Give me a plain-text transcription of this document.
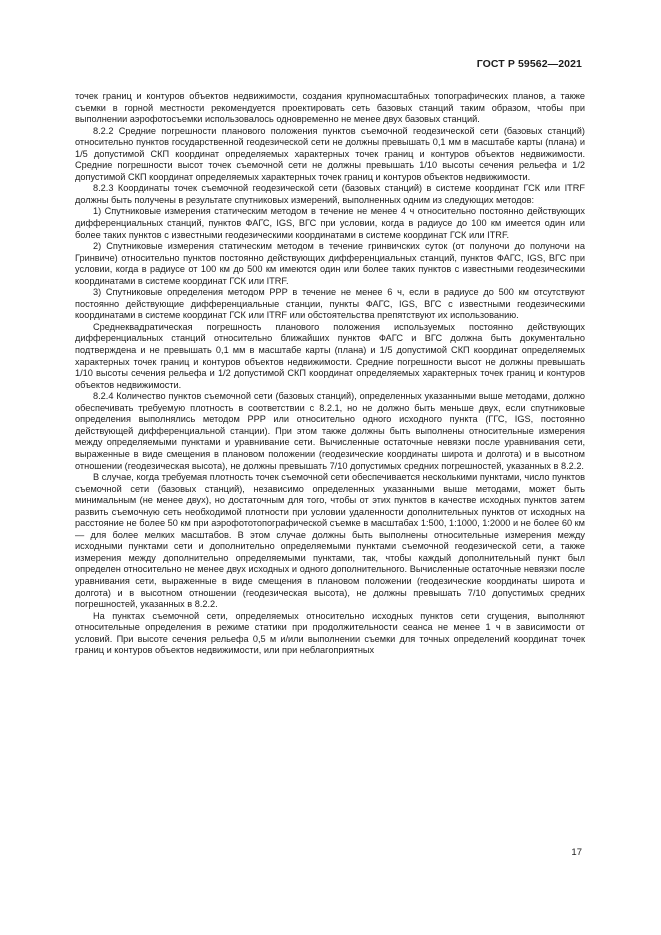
ГОСТ Р 59562—2021

точек границ и контуров объектов недвижимости, создания крупномасштабных топографических планов, а также съемки в горной местности рекомендуется проектировать сеть базовых станций таким образом, чтобы при выполнении аэрофотосъемки использовалось одновременно не менее двух базовых станций.

8.2.2 Средние погрешности планового положения пунктов съемочной геодезической сети (базовых станций) относительно пунктов государственной геодезической сети не должны превышать 0,1 мм в масштабе карты (плана) и 1/5 допустимой СКП координат определяемых характерных точек границ и контуров объектов недвижимости. Средние погрешности высот точек съемочной сети не должны превышать 1/10 высоты сечения рельефа и 1/2 допустимой СКП координат определяемых характерных точек границ и контуров объектов недвижимости.

8.2.3 Координаты точек съемочной геодезической сети (базовых станций) в системе координат ГСК или ITRF должны быть получены в результате спутниковых измерений, выполненных одним из следующих методов:

1) Спутниковые измерения статическим методом в течение не менее 4 ч относительно постоянно действующих дифференциальных станций, пунктов ФАГС, IGS, ВГС при условии, когда в радиусе до 100 км имеется один или более таких пунктов с известными геодезическими координатами в системе координат ГСК или ITRF.

2) Спутниковые измерения статическим методом в течение гринвичских суток (от полуночи до полуночи на Гринвиче) относительно пунктов постоянно действующих дифференциальных станций, пунктов ФАГС, IGS, ВГС при условии, когда в радиусе от 100 км до 500 км имеются один или более таких пунктов с известными геодезическими координатами в системе координат ГСК или ITRF.

3) Спутниковые определения методом PPP в течение не менее 6 ч, если в радиусе до 500 км отсутствуют постоянно действующие дифференциальные станции, пункты ФАГС, IGS, ВГС с известными геодезическими координатами в системе координат ГСК или ITRF или обстоятельства препятствуют их использованию.

Среднеквадратическая погрешность планового положения используемых постоянно действующих дифференциальных станций относительно ближайших пунктов ФАГС и ВГС должна быть документально подтверждена и не превышать 0,1 мм в масштабе карты (плана) и 1/5 допустимой СКП координат определяемых характерных точек границ и контуров объектов недвижимости. Средние погрешности высот не должны превышать 1/10 высоты сечения рельефа и 1/2 допустимой СКП координат определяемых характерных точек границ и контуров объектов недвижимости.

8.2.4 Количество пунктов съемочной сети (базовых станций), определенных указанными выше методами, должно обеспечивать требуемую плотность в соответствии с 8.2.1, но не должно быть меньше двух, если спутниковые определения выполнялись методом PPP или относительно одного исходного пункта (ГГС, IGS, постоянно действующей дифференциальной станции). При этом также должны быть выполнены относительные измерения между определяемыми пунктами и уравнивание сети. Вычисленные остаточные невязки после уравнивания сети, выраженные в виде смещения в плановом положении (геодезические координаты широта и долгота) и в высотном отношении (геодезическая высота), не должны превышать 7/10 допустимых средних погрешностей, указанных в 8.2.2.

В случае, когда требуемая плотность точек съемочной сети обеспечивается несколькими пунктами, число пунктов съемочной сети (базовых станций), независимо определенных указанными выше методами, может быть минимальным (не менее двух), но достаточным для того, чтобы от этих пунктов в качестве исходных пунктов затем развить съемочную сеть необходимой плотности при условии удаленности дополнительных пунктов от исходных на расстояние не более 50 км при аэрофототопографической съемке в масштабах 1:500, 1:1000, 1:2000 и не более 60 км — для более мелких масштабов. В этом случае должны быть выполнены относительные измерения между исходными пунктами сети и дополнительно определяемыми пунктами съемочной геодезической сети, а также измерения между дополнительно определяемыми пунктами, так, чтобы каждый дополнительный пункт был определен относительно не менее двух исходных и одного дополнительного. Вычисленные остаточные невязки после уравнивания сети, выраженные в виде смещения в плановом положении (геодезические координаты широта и долгота) и в высотном отношении (геодезическая высота), не должны превышать 7/10 допустимых средних погрешностей, указанных в 8.2.2.

На пунктах съемочной сети, определяемых относительно исходных пунктов сети сгущения, выполняют относительные определения в режиме статики при продолжительности сеанса не менее 1 ч в зависимости от условий. При высоте сечения рельефа 0,5 м и/или выполнении съемки для точных определений координат точек границ и контуров объектов недвижимости, или при неблагоприятных

17
